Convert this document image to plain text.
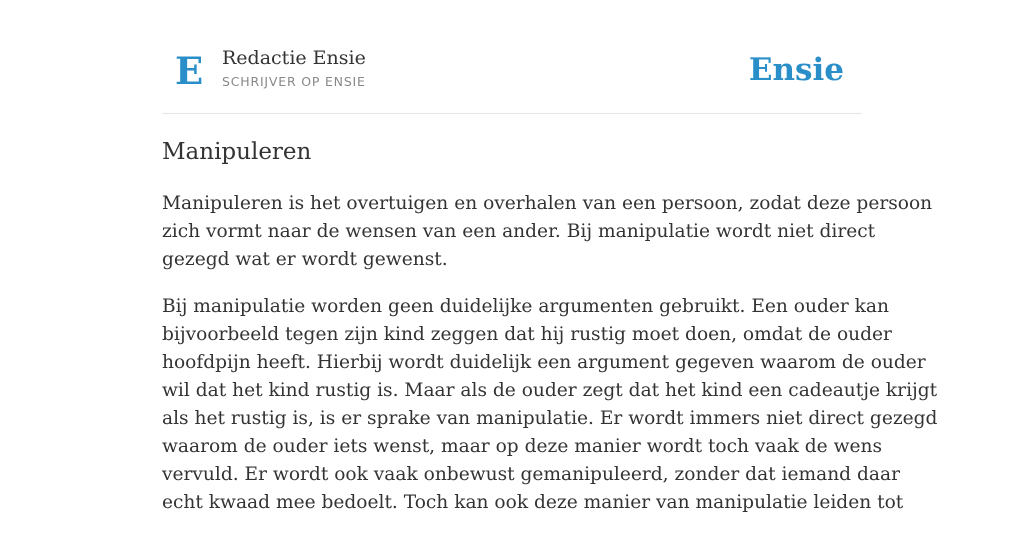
E Redactie Ensie
SCHRIJVER OP ENSIE	Ensie
Manipuleren

Manipuleren is het overtuigen en overhalen van een persoon, zodat deze persoon
zich vormt naar de wensen van een ander. Bij manipulatie wordt niet direct
gezegd wat er wordt gewenst.

Bij manipulatie worden geen duidelijke argumenten gebruikt. Een ouder kan
bijvoorbeeld tegen zijn kind zeggen dat hij rustig moet doen, omdat de ouder
hoofdpijn heeft. Hierbij wordt duidelijk een argument gegeven waarom de ouder
wil dat het kind rustig is. Maar als de ouder zegt dat het kind een cadeautje krijgt
als het rustig is, is er sprake van manipulatie. Er wordt immers niet direct gezegd
waarom de ouder iets wenst, maar op deze manier wordt toch vaak de wens
vervuld. Er wordt ook vaak onbewust gemanipuleerd, zonder dat iemand daar
echt kwaad mee bedoelt. Toch kan ook deze manier van manipulatie leiden tot
